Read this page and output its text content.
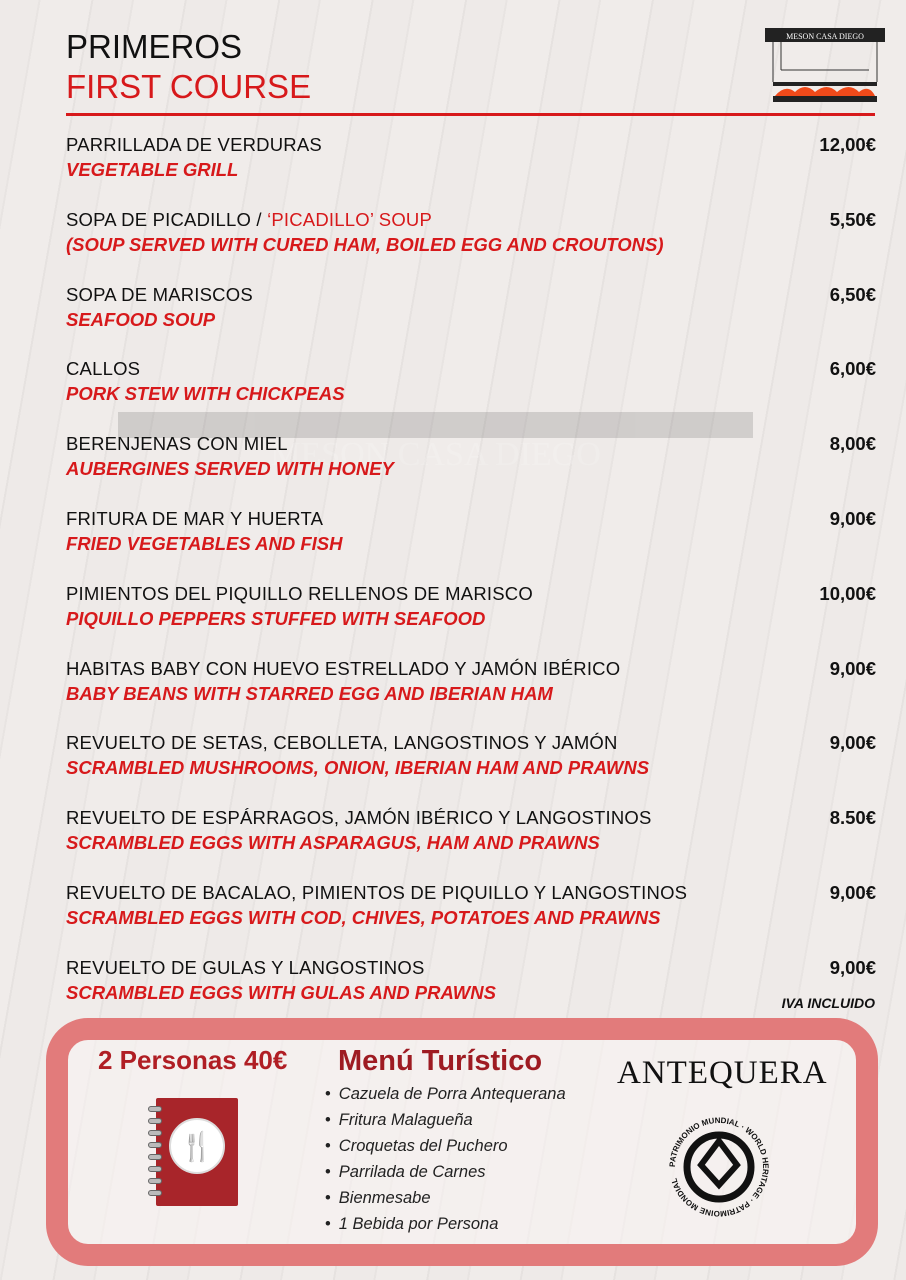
PRIMEROS
FIRST COURSE
MESON CASA DIEGO
MESON CASA DIEGO
PARRILLADA DE VERDURAS
VEGETABLE GRILL
12,00€
SOPA DE PICADILLO / ‘PICADILLO’ SOUP
(SOUP SERVED WITH CURED HAM, BOILED EGG AND CROUTONS)
5,50€
SOPA DE MARISCOS
SEAFOOD SOUP
6,50€
CALLOS
PORK STEW WITH CHICKPEAS
6,00€
BERENJENAS CON MIEL
AUBERGINES SERVED WITH HONEY
8,00€
FRITURA DE MAR Y HUERTA
FRIED VEGETABLES AND FISH
9,00€
PIMIENTOS DEL PIQUILLO RELLENOS DE MARISCO
PIQUILLO PEPPERS STUFFED WITH SEAFOOD
10,00€
HABITAS BABY CON HUEVO ESTRELLADO Y JAMÓN IBÉRICO
BABY BEANS WITH STARRED EGG AND IBERIAN HAM
9,00€
REVUELTO DE SETAS, CEBOLLETA, LANGOSTINOS Y JAMÓN
SCRAMBLED MUSHROOMS, ONION, IBERIAN HAM AND PRAWNS
9,00€
REVUELTO DE ESPÁRRAGOS, JAMÓN IBÉRICO Y LANGOSTINOS
SCRAMBLED EGGS WITH ASPARAGUS, HAM AND PRAWNS
8.50€
REVUELTO DE BACALAO, PIMIENTOS DE PIQUILLO Y LANGOSTINOS
SCRAMBLED EGGS WITH COD, CHIVES, POTATOES AND PRAWNS
9,00€
REVUELTO DE GULAS Y LANGOSTINOS
SCRAMBLED EGGS WITH GULAS AND PRAWNS
9,00€
IVA INCLUIDO
2 Personas 40€ Menú Turístico
• Cazuela de Porra Antequerana
• Fritura Malagueña
• Croquetas del Puchero
• Parrilada de Carnes
• Bienmesabe
• 1 Bebida por Persona
🍴
ANTEQUERA
PATRIMONIO MUNDIAL · WORLD HERITAGE · PATRIMOINE MONDIAL
